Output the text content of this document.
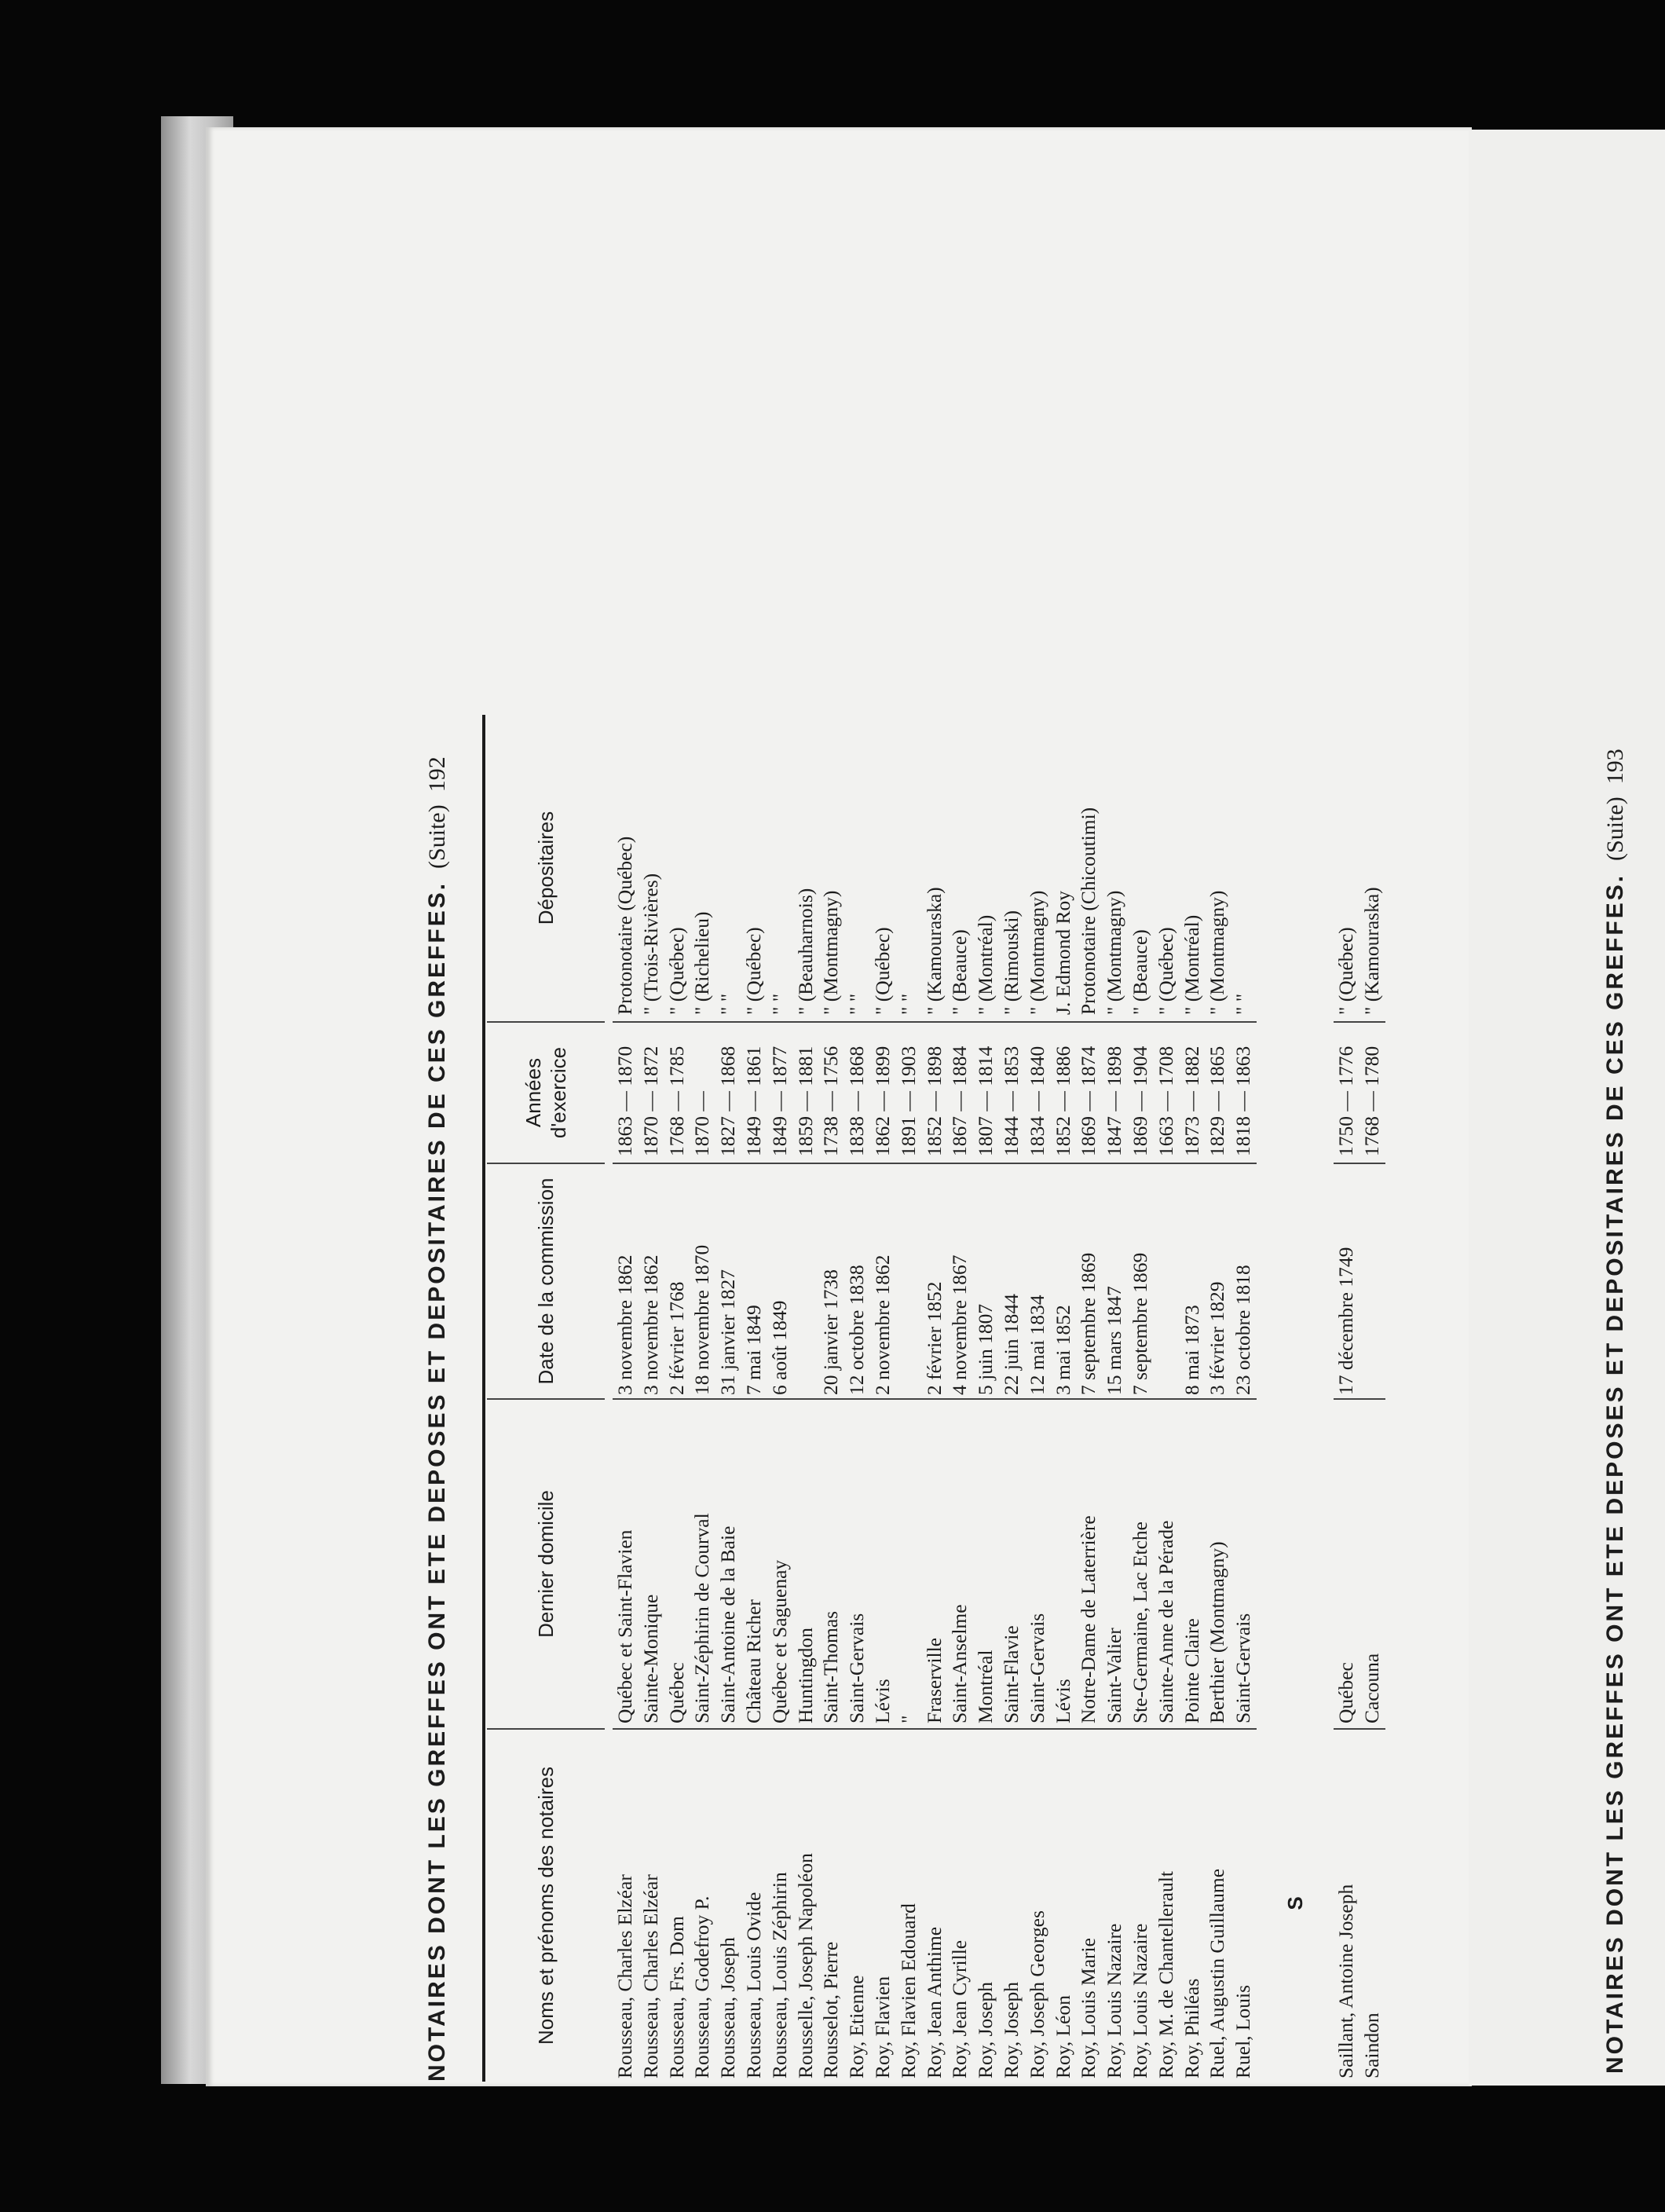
NOTAIRES DONT LES GREFFES ONT ETE DEPOSES ET DEPOSITAIRES DE CES GREFFES.
(Suite)
192
Noms et prénoms des notaires
Dernier domicile
Date de la commission
Années d'exercice
Dépositaires
Rousseau, Charles Elzéar
Québec et Saint-Flavien
3 novembre 1862
1863 — 1870
Protonotaire (Québec)
Rousseau, Charles Elzéar
Sainte-Monique
3 novembre 1862
1870 — 1872
" (Trois-Rivières)
Rousseau, Frs. Dom
Québec
2 février 1768
1768 — 1785
" (Québec)
Rousseau, Godefroy P.
Saint-Zéphirin de Courval
18 novembre 1870
1870 —
" (Richelieu)
Rousseau, Joseph
Saint-Antoine de la Baie
31 janvier 1827
1827 — 1868
" "
Rousseau, Louis Ovide
Château Richer
7 mai 1849
1849 — 1861
" (Québec)
Rousseau, Louis Zéphirin
Québec et Saguenay
6 août 1849
1849 — 1877
" "
Rousselle, Joseph Napoléon
Huntingdon
1859 — 1881
" (Beauharnois)
Rousselot, Pierre
Saint-Thomas
20 janvier 1738
1738 — 1756
" (Montmagny)
Roy, Etienne
Saint-Gervais
12 octobre 1838
1838 — 1868
" "
Roy, Flavien
Lévis
2 novembre 1862
1862 — 1899
" (Québec)
Roy, Flavien Edouard
"
1891 — 1903
" "
Roy, Jean Anthime
Fraserville
2 février 1852
1852 — 1898
" (Kamouraska)
Roy, Jean Cyrille
Saint-Anselme
4 novembre 1867
1867 — 1884
" (Beauce)
Roy, Joseph
Montréal
5 juin 1807
1807 — 1814
" (Montréal)
Roy, Joseph
Saint-Flavie
22 juin 1844
1844 — 1853
" (Rimouski)
Roy, Joseph Georges
Saint-Gervais
12 mai 1834
1834 — 1840
" (Montmagny)
Roy, Léon
Lévis
3 mai 1852
1852 — 1886
J. Edmond Roy
Roy, Louis Marie
Notre-Dame de Laterrière
7 septembre 1869
1869 — 1874
Protonotaire (Chicoutimi)
Roy, Louis Nazaire
Saint-Valier
15 mars 1847
1847 — 1898
" (Montmagny)
Roy, Louis Nazaire
Ste-Germaine, Lac Etche
7 septembre 1869
1869 — 1904
" (Beauce)
Roy, M. de Chantellerault
Sainte-Anne de la Pérade
1663 — 1708
" (Québec)
Roy, Philéas
Pointe Claire
8 mai 1873
1873 — 1882
" (Montréal)
Ruel, Augustin Guillaume
Berthier (Montmagny)
3 février 1829
1829 — 1865
" (Montmagny)
Ruel, Louis
Saint-Gervais
23 octobre 1818
1818 — 1863
" "
S Saillant, Antoine Joseph
Québec
17 décembre 1749
1750 — 1776
" (Québec)
Saindon
Cacouna
1768 — 1780
" (Kamouraska)	NOTAIRES DONT LES GREFFES ONT ETE DEPOSES ET DEPOSITAIRES DE CES GREFFES.
(Suite)
193
